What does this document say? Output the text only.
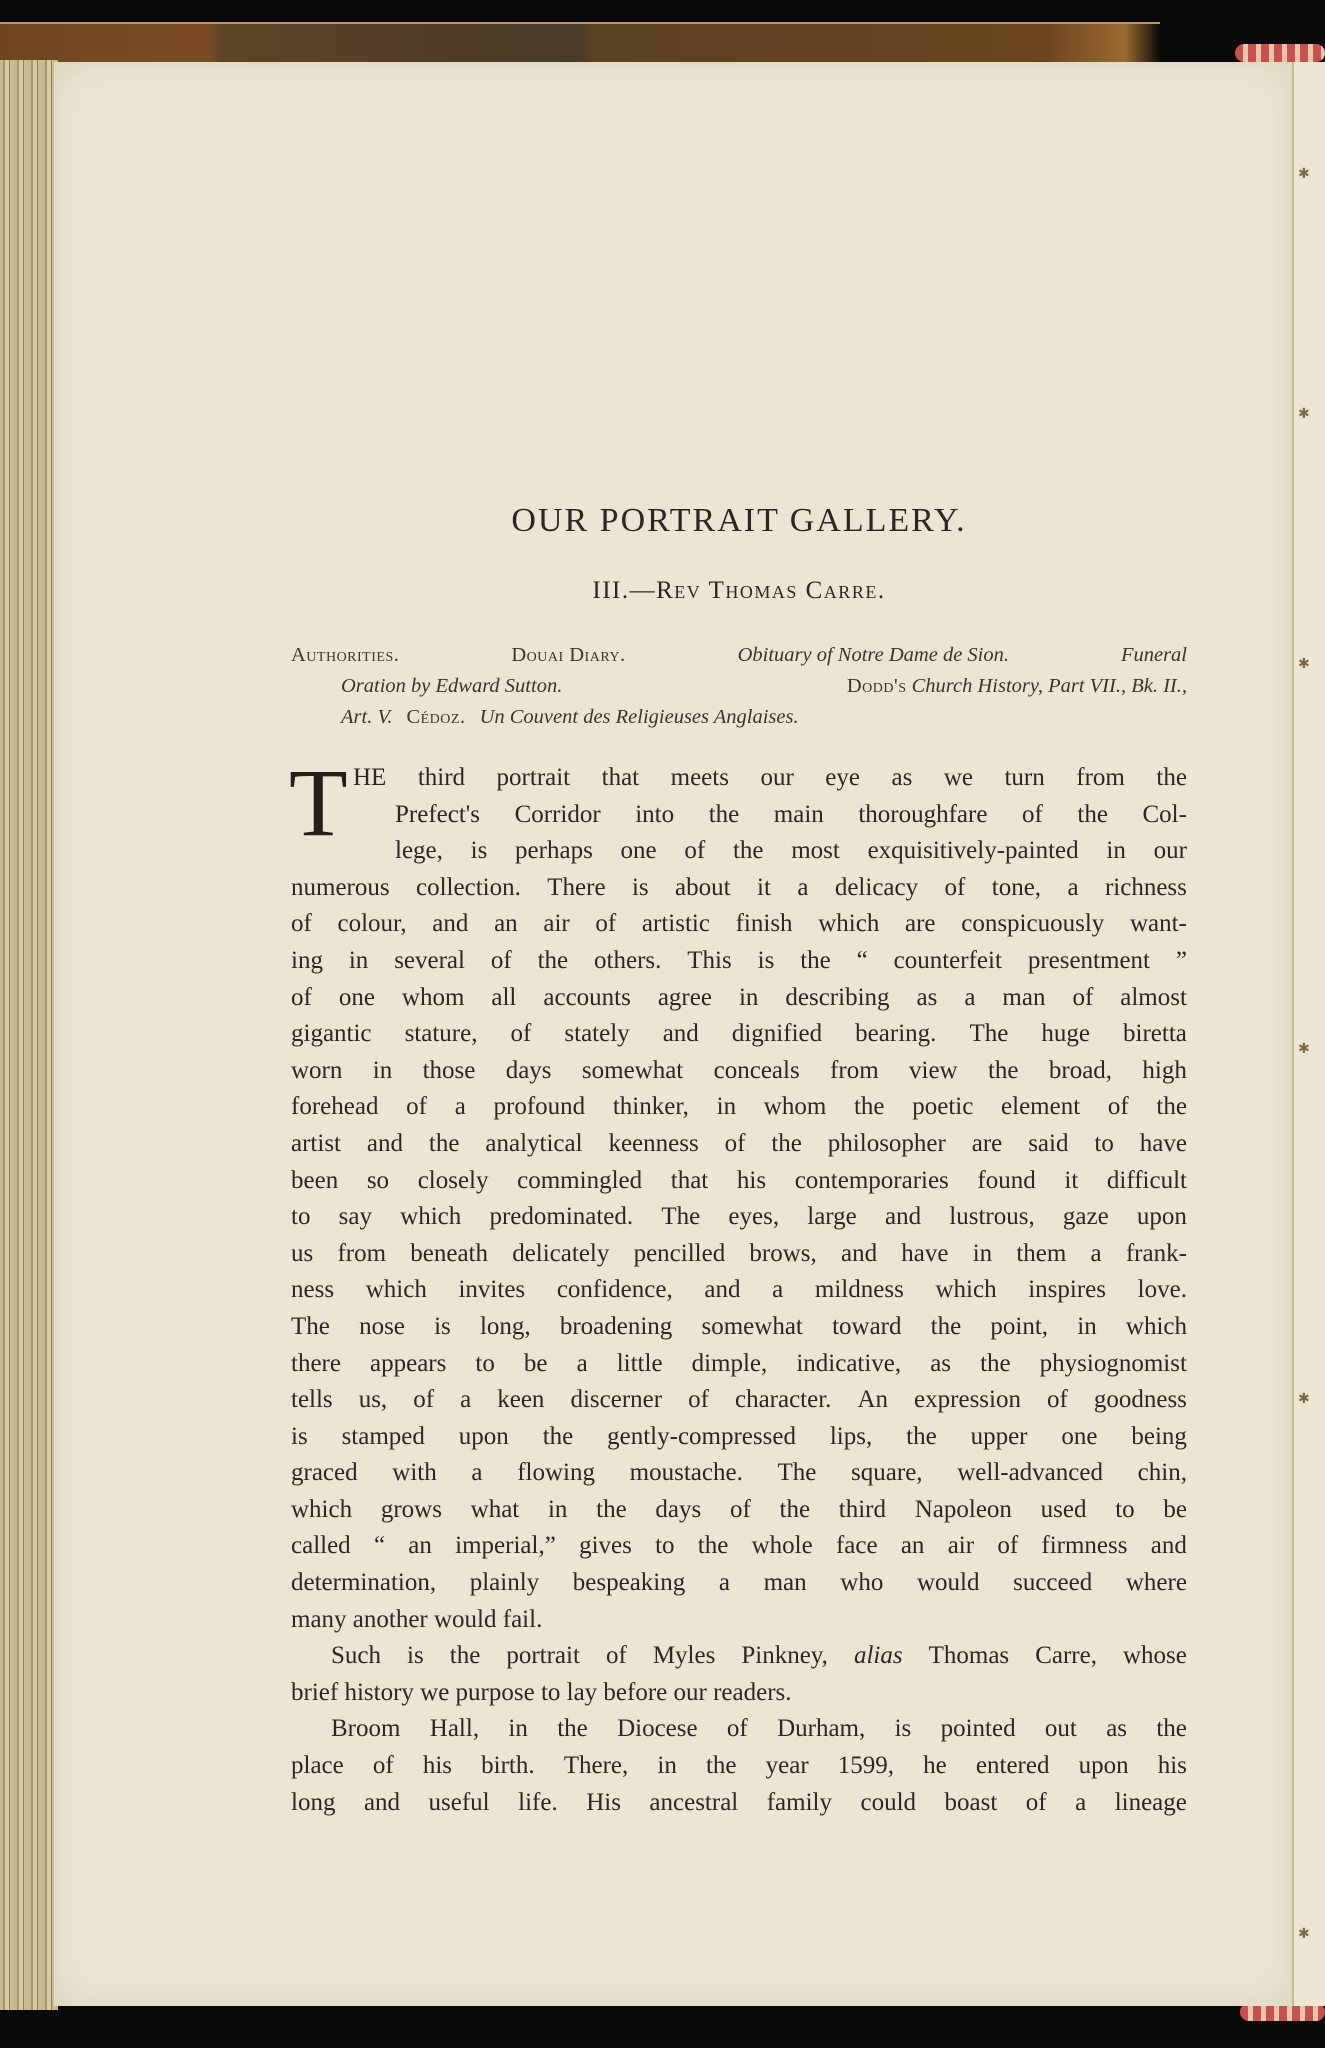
✱
✱
✱
✱
✱
✱
OUR PORTRAIT GALLERY.
III.—Rev Thomas Carre.
Authorities.	Douai Diary.	Obituary of Notre Dame de Sion.	Funeral
Oration by Edward Sutton.	Dodd's Church History, Part VII., Bk. II.,
Art. V. Cédoz. Un Couvent des Religieuses Anglaises.
T HE third portrait that meets our eye as we turn from the
Prefect's Corridor into the main thoroughfare of the Col-
lege, is perhaps one of the most exquisitively-painted in our
numerous collection. There is about it a delicacy of tone, a richness
of colour, and an air of artistic finish which are conspicuously want-
ing in several of the others. This is the “ counterfeit presentment ”
of one whom all accounts agree in describing as a man of almost
gigantic stature, of stately and dignified bearing. The huge biretta
worn in those days somewhat conceals from view the broad, high
forehead of a profound thinker, in whom the poetic element of the
artist and the analytical keenness of the philosopher are said to have
been so closely commingled that his contemporaries found it difficult
to say which predominated. The eyes, large and lustrous, gaze upon
us from beneath delicately pencilled brows, and have in them a frank-
ness which invites confidence, and a mildness which inspires love.
The nose is long, broadening somewhat toward the point, in which
there appears to be a little dimple, indicative, as the physiognomist
tells us, of a keen discerner of character. An expression of goodness
is stamped upon the gently-compressed lips, the upper one being
graced with a flowing moustache. The square, well-advanced chin,
which grows what in the days of the third Napoleon used to be
called “ an imperial,” gives to the whole face an air of firmness and
determination, plainly bespeaking a man who would succeed where
many another would fail.
Such is the portrait of Myles Pinkney, alias Thomas Carre, whose
brief history we purpose to lay before our readers.
Broom Hall, in the Diocese of Durham, is pointed out as the
place of his birth. There, in the year 1599, he entered upon his
long and useful life. His ancestral family could boast of a lineage
